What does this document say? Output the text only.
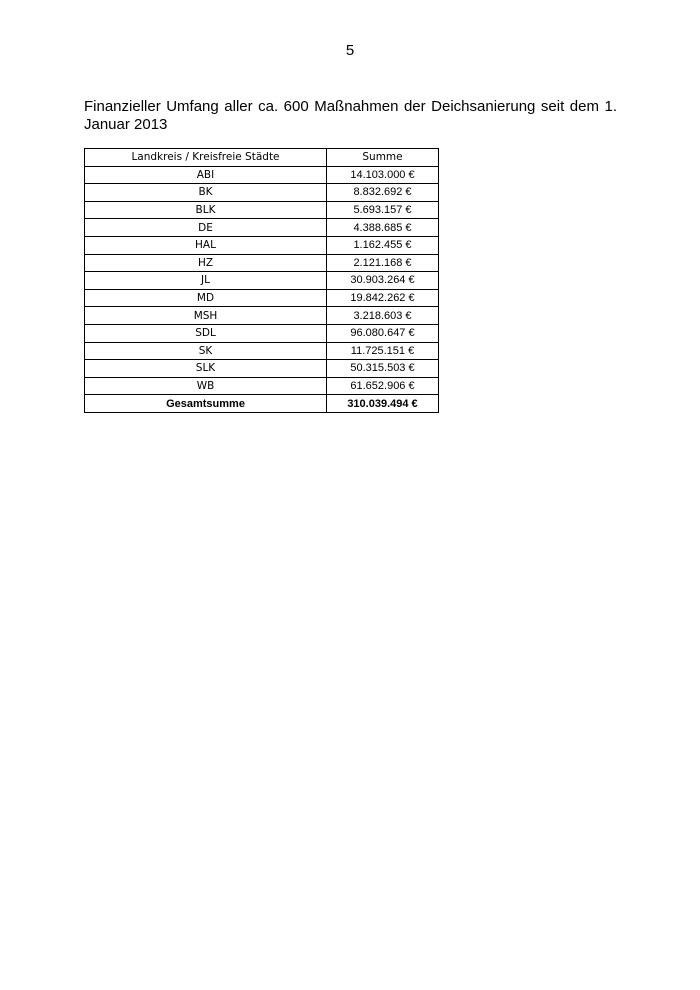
5
Finanzieller Umfang aller ca. 600 Maßnahmen der Deichsanierung seit dem 1. Januar 2013
Landkreis / Kreisfreie Städte	Summe
ABI	14.103.000 €
BK	8.832.692 €
BLK	5.693.157 €
DE	4.388.685 €
HAL	1.162.455 €
HZ	2.121.168 €
JL	30.903.264 €
MD	19.842.262 €
MSH	3.218.603 €
SDL	96.080.647 €
SK	11.725.151 €
SLK	50.315.503 €
WB	61.652.906 €
Gesamtsumme	310.039.494 €
